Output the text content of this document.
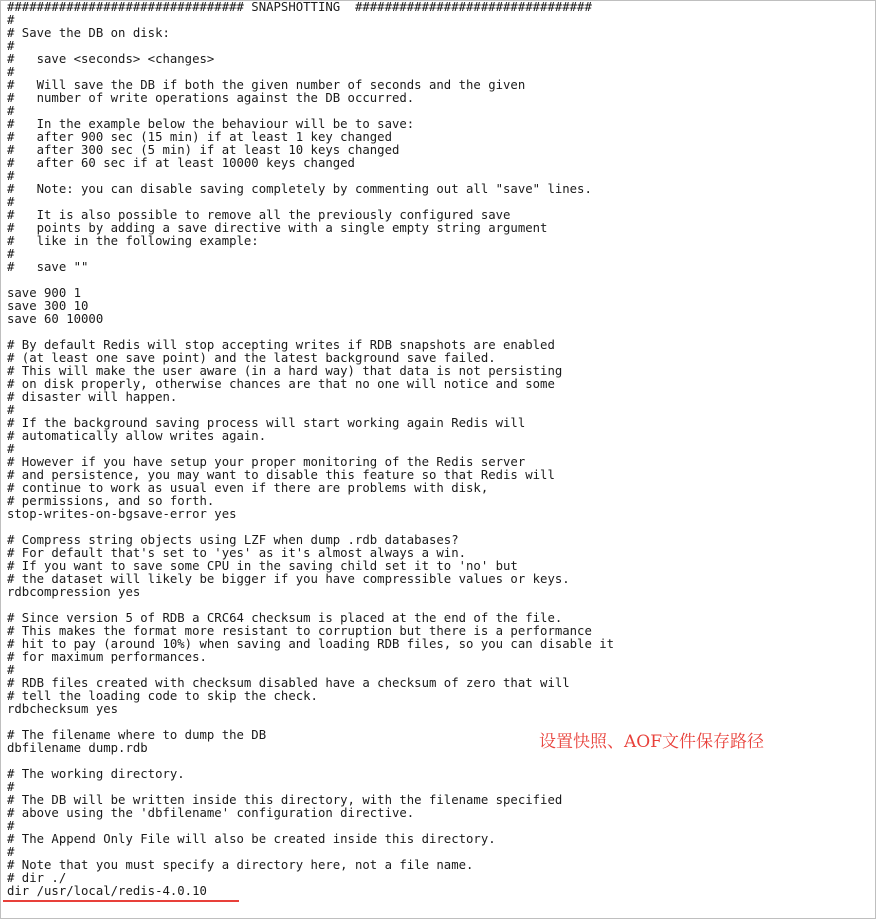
################################ SNAPSHOTTING  ################################
#
# Save the DB on disk:
#
#   save <seconds> <changes>
#
#   Will save the DB if both the given number of seconds and the given
#   number of write operations against the DB occurred.
#
#   In the example below the behaviour will be to save:
#   after 900 sec (15 min) if at least 1 key changed
#   after 300 sec (5 min) if at least 10 keys changed
#   after 60 sec if at least 10000 keys changed
#
#   Note: you can disable saving completely by commenting out all "save" lines.
#
#   It is also possible to remove all the previously configured save
#   points by adding a save directive with a single empty string argument
#   like in the following example:
#
#   save ""
save 900 1
save 300 10
save 60 10000
# By default Redis will stop accepting writes if RDB snapshots are enabled
# (at least one save point) and the latest background save failed.
# This will make the user aware (in a hard way) that data is not persisting
# on disk properly, otherwise chances are that no one will notice and some
# disaster will happen.
#
# If the background saving process will start working again Redis will
# automatically allow writes again.
#
# However if you have setup your proper monitoring of the Redis server
# and persistence, you may want to disable this feature so that Redis will
# continue to work as usual even if there are problems with disk,
# permissions, and so forth.
stop-writes-on-bgsave-error yes
# Compress string objects using LZF when dump .rdb databases?
# For default that's set to 'yes' as it's almost always a win.
# If you want to save some CPU in the saving child set it to 'no' but
# the dataset will likely be bigger if you have compressible values or keys.
rdbcompression yes
# Since version 5 of RDB a CRC64 checksum is placed at the end of the file.
# This makes the format more resistant to corruption but there is a performance
# hit to pay (around 10%) when saving and loading RDB files, so you can disable it
# for maximum performances.
#
# RDB files created with checksum disabled have a checksum of zero that will
# tell the loading code to skip the check.
rdbchecksum yes
# The filename where to dump the DB
dbfilename dump.rdb
# The working directory.
#
# The DB will be written inside this directory, with the filename specified
# above using the 'dbfilename' configuration directive.
#
# The Append Only File will also be created inside this directory.
#
# Note that you must specify a directory here, not a file name.
# dir ./
dir /usr/local/redis-4.0.10
设置快照、AOF文件保存路径
